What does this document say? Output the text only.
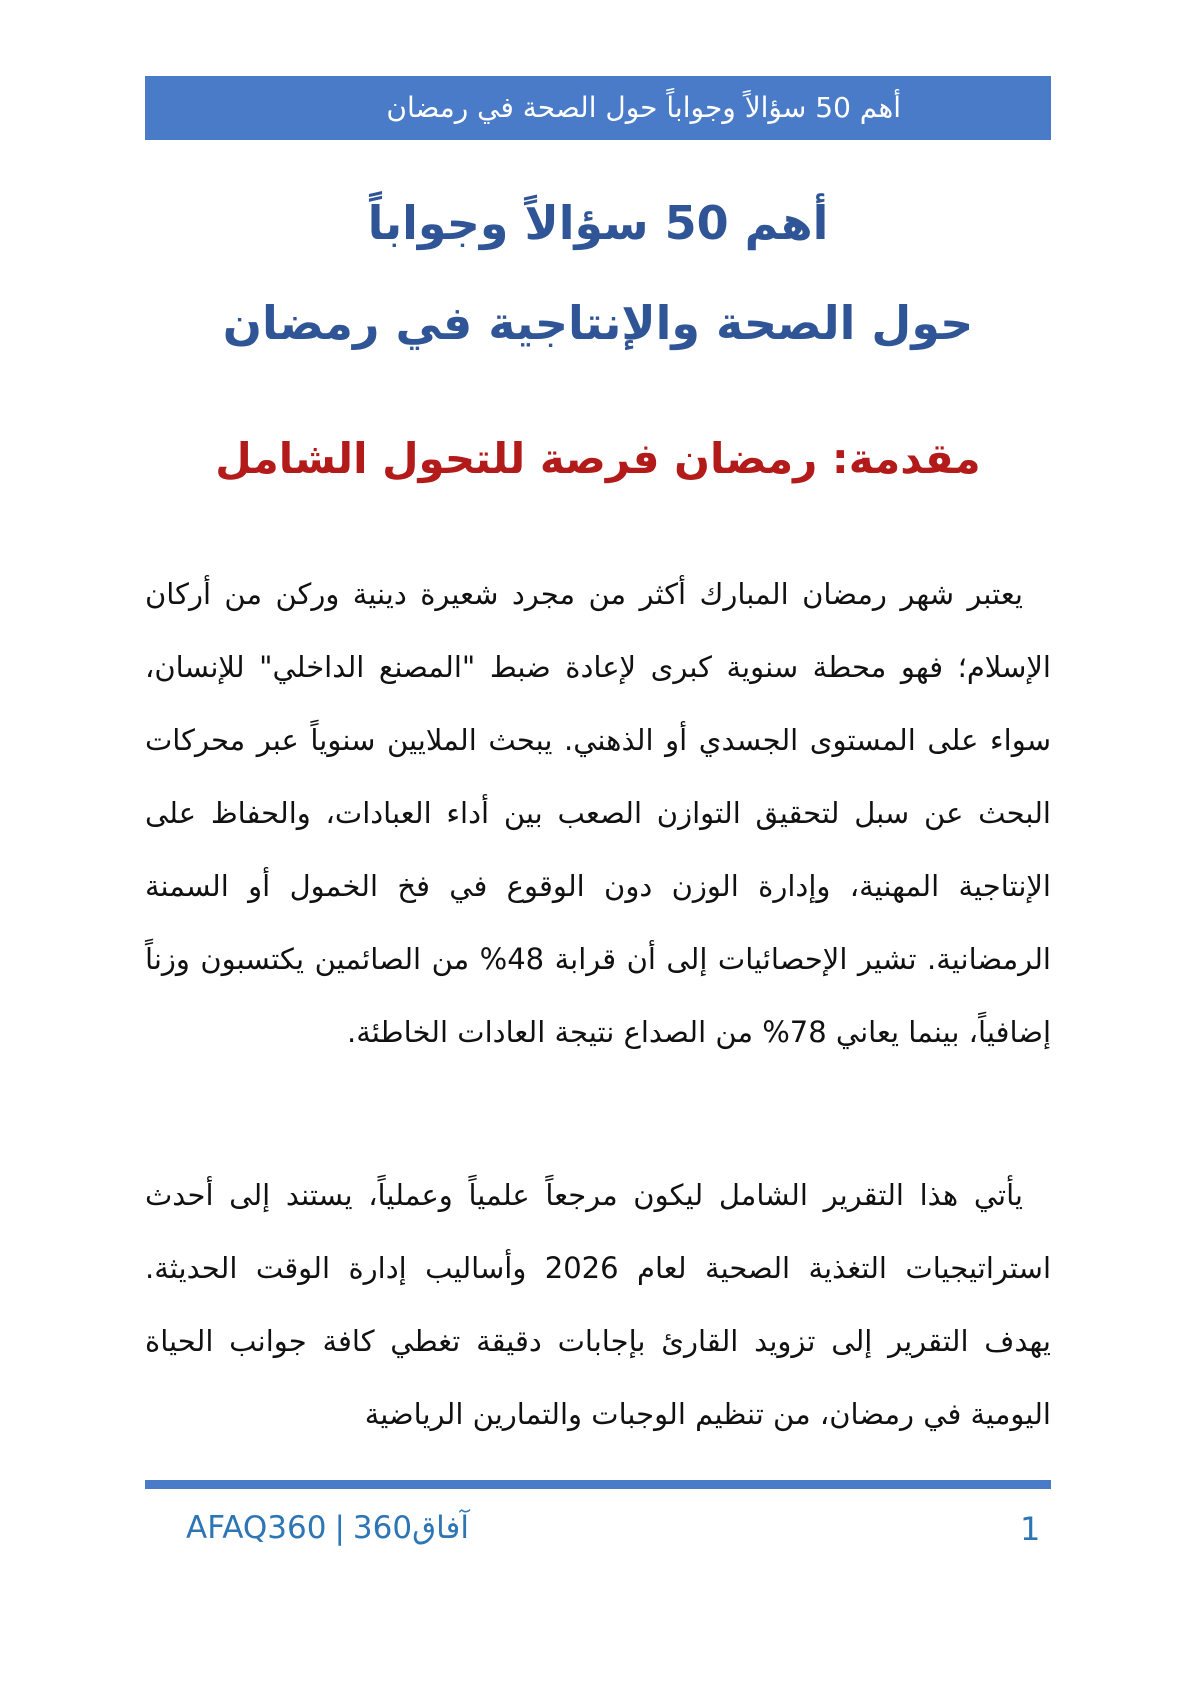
أهم 50 سؤالاً وجواباً حول الصحة في رمضان
أهم 50 سؤالاً وجواباً
حول الصحة والإنتاجية في رمضان
مقدمة: رمضان فرصة للتحول الشامل

يعتبر شهر رمضان المبارك أكثر من مجرد شعيرة دينية وركن من أركان الإسلام؛ فهو محطة سنوية كبرى لإعادة ضبط "المصنع الداخلي" للإنسان، سواء على المستوى الجسدي أو الذهني. يبحث الملايين سنوياً عبر محركات البحث عن سبل لتحقيق التوازن الصعب بين أداء العبادات، والحفاظ على الإنتاجية المهنية، وإدارة الوزن دون الوقوع في فخ الخمول أو السمنة الرمضانية. تشير الإحصائيات إلى أن قرابة 48% من الصائمين يكتسبون وزناً إضافياً، بينما يعاني 78% من الصداع نتيجة العادات الخاطئة.

يأتي هذا التقرير الشامل ليكون مرجعاً علمياً وعملياً، يستند إلى أحدث استراتيجيات التغذية الصحية لعام 2026 وأساليب إدارة الوقت الحديثة. يهدف التقرير إلى تزويد القارئ بإجابات دقيقة تغطي كافة جوانب الحياة اليومية في رمضان، من تنظيم الوجبات والتمارين الرياضية

AFAQ360 | آفاق360	1
